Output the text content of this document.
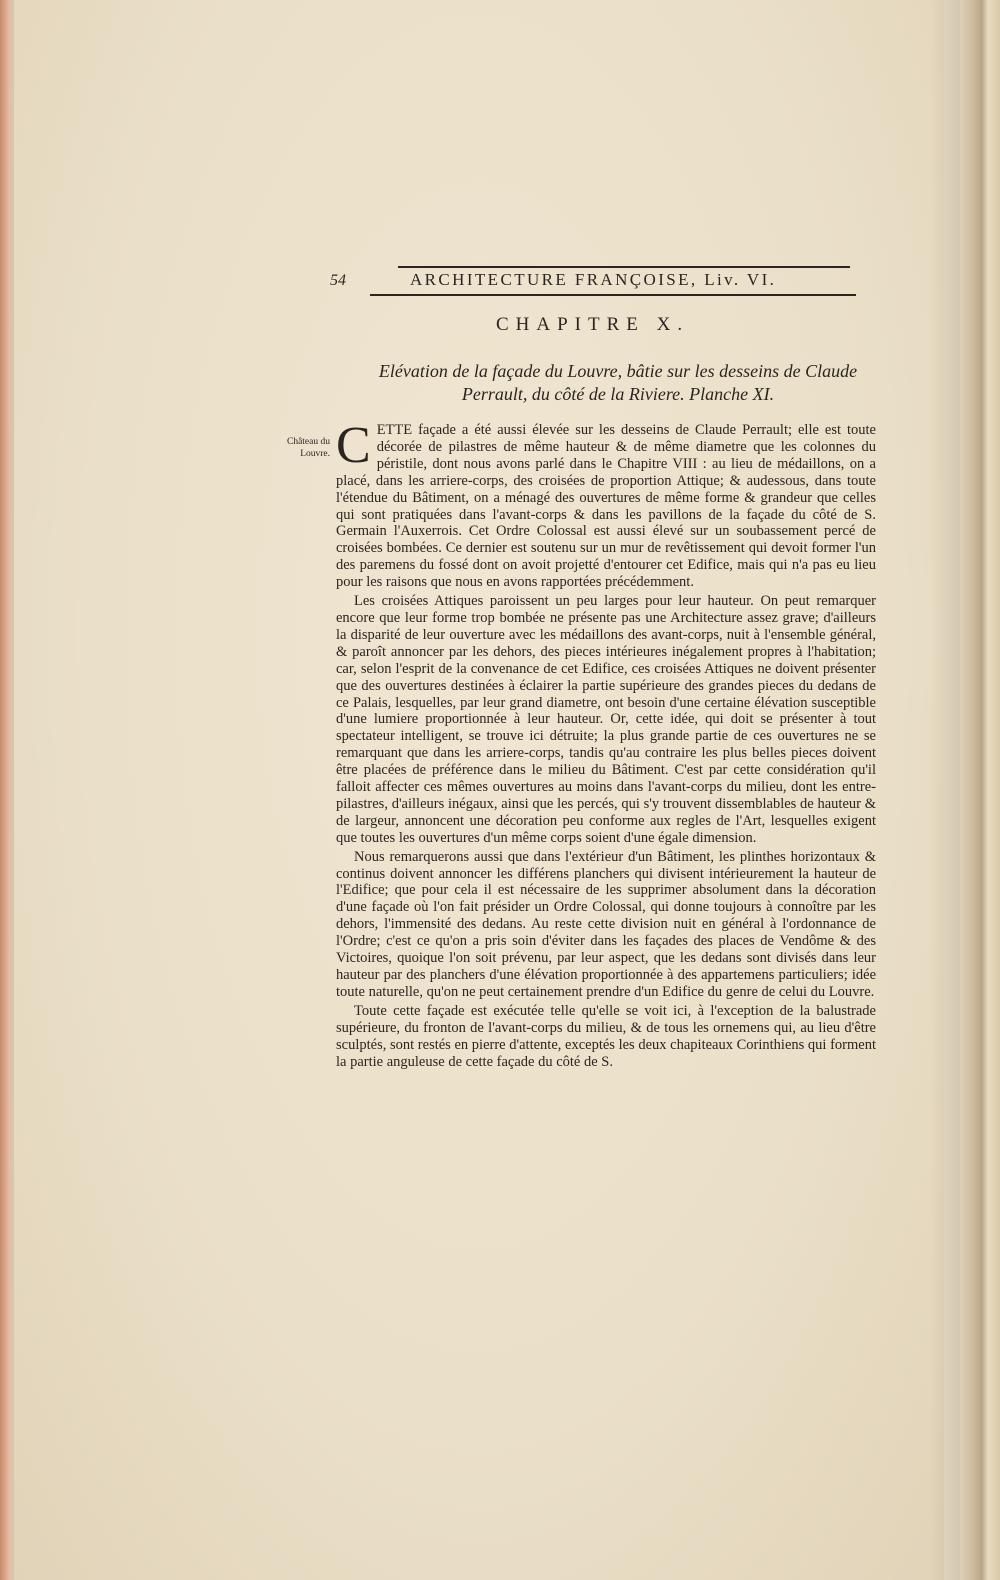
54	ARCHITECTURE FRANÇOISE, Liv. VI.
CHAPITRE X.
Elévation de la façade du Louvre, bâtie sur les desseins de Claude Perrault, du côté de la Riviere. Planche XI.
Château du Louvre. CETTE façade a été aussi élevée sur les desseins de Claude Perrault; elle est toute décorée de pilastres de même hauteur & de même diametre que les colonnes du péristile, dont nous avons parlé dans le Chapitre VIII : au lieu de médaillons, on a placé, dans les arriere-corps, des croisées de proportion Attique; & audessous, dans toute l'étendue du Bâtiment, on a ménagé des ouvertures de même forme & grandeur que celles qui sont pratiquées dans l'avant-corps & dans les pavillons de la façade du côté de S. Germain l'Auxerrois. Cet Ordre Colossal est aussi élevé sur un soubassement percé de croisées bombées. Ce dernier est soutenu sur un mur de revêtissement qui devoit former l'un des paremens du fossé dont on avoit projetté d'entourer cet Edifice, mais qui n'a pas eu lieu pour les raisons que nous en avons rapportées précédemment.

Les croisées Attiques paroissent un peu larges pour leur hauteur. On peut remarquer encore que leur forme trop bombée ne présente pas une Architecture assez grave; d'ailleurs la disparité de leur ouverture avec les médaillons des avant-corps, nuit à l'ensemble général, & paroît annoncer par les dehors, des pieces intérieures inégalement propres à l'habitation; car, selon l'esprit de la convenance de cet Edifice, ces croisées Attiques ne doivent présenter que des ouvertures destinées à éclairer la partie supérieure des grandes pieces du dedans de ce Palais, lesquelles, par leur grand diametre, ont besoin d'une certaine élévation susceptible d'une lumiere proportionnée à leur hauteur. Or, cette idée, qui doit se présenter à tout spectateur intelligent, se trouve ici détruite; la plus grande partie de ces ouvertures ne se remarquant que dans les arriere-corps, tandis qu'au contraire les plus belles pieces doivent être placées de préférence dans le milieu du Bâtiment. C'est par cette considération qu'il falloit affecter ces mêmes ouvertures au moins dans l'avant-corps du milieu, dont les entre-pilastres, d'ailleurs inégaux, ainsi que les percés, qui s'y trouvent dissemblables de hauteur & de largeur, annoncent une décoration peu conforme aux regles de l'Art, lesquelles exigent que toutes les ouvertures d'un même corps soient d'une égale dimension.

Nous remarquerons aussi que dans l'extérieur d'un Bâtiment, les plinthes horizontaux & continus doivent annoncer les différens planchers qui divisent intérieurement la hauteur de l'Edifice; que pour cela il est nécessaire de les supprimer absolument dans la décoration d'une façade où l'on fait présider un Ordre Colossal, qui donne toujours à connoître par les dehors, l'immensité des dedans. Au reste cette division nuit en général à l'ordonnance de l'Ordre; c'est ce qu'on a pris soin d'éviter dans les façades des places de Vendôme & des Victoires, quoique l'on soit prévenu, par leur aspect, que les dedans sont divisés dans leur hauteur par des planchers d'une élévation proportionnée à des appartemens particuliers; idée toute naturelle, qu'on ne peut certainement prendre d'un Edifice du genre de celui du Louvre.

Toute cette façade est exécutée telle qu'elle se voit ici, à l'exception de la balustrade supérieure, du fronton de l'avant-corps du milieu, & de tous les ornemens qui, au lieu d'être sculptés, sont restés en pierre d'attente, exceptés les deux chapiteaux Corinthiens qui forment la partie anguleuse de cette façade du côté de S.
